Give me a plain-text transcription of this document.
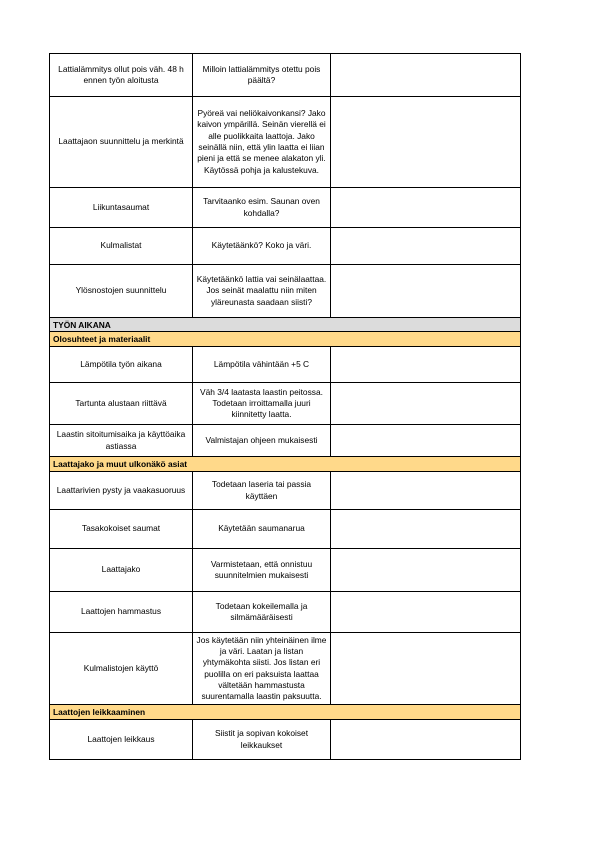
Lattialämmitys ollut pois väh. 48 h ennen työn aloitusta	Milloin lattialämmitys otettu pois päältä?	
Laattajaon suunnittelu ja merkintä	Pyöreä vai neliökaivonkansi? Jako kaivon ympärillä. Seinän vierellä ei alle puolikkaita laattoja. Jako seinällä niin, että ylin laatta ei liian pieni ja että se menee alakaton yli. Käytössä pohja ja kalustekuva.	
Liikuntasaumat	Tarvitaanko esim. Saunan oven kohdalla?	
Kulmalistat	Käytetäänkö? Koko ja väri.	
Ylösnostojen suunnittelu	Käytetäänkö lattia vai seinälaattaa. Jos seinät maalattu niin miten yläreunasta saadaan siisti?	
TYÖN AIKANA		
Olosuhteet ja materiaalit		
Lämpötila työn aikana	Lämpötila vähintään +5 C	
Tartunta alustaan riittävä	Väh 3/4 laatasta laastin peitossa. Todetaan irroittamalla juuri kiinnitetty laatta.	
Laastin sitoitumisaika ja käyttöaika astiassa	Valmistajan ohjeen mukaisesti	
Laattajako ja muut ulkonäkö asiat		
Laattarivien pysty ja vaakasuoruus	Todetaan laseria tai passia käyttäen	
Tasakokoiset saumat	Käytetään saumanarua	
Laattajako	Varmistetaan, että onnistuu suunnitelmien mukaisesti	
Laattojen hammastus	Todetaan kokeilemalla ja silmämääräisesti	
Kulmalistojen käyttö	Jos käytetään niin yhteinäinen ilme ja väri. Laatan ja listan yhtymäkohta siisti. Jos listan eri puolilla on eri paksuista laattaa vältetään hammastusta suurentamalla laastin paksuutta.	
Laattojen leikkaaminen		
Laattojen leikkaus	Siistit ja sopivan kokoiset leikkaukset	
